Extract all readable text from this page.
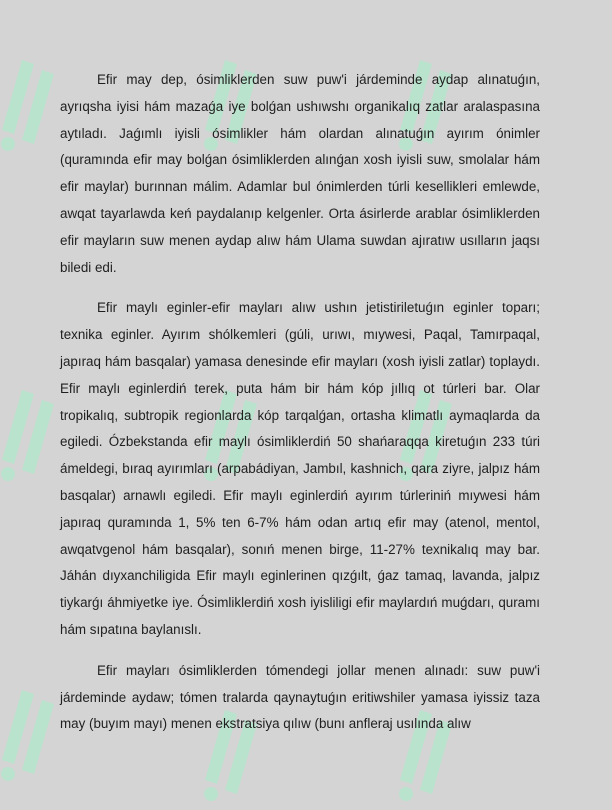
Efir may dep, ósimliklerden suw puw'i járdeminde aydap alınatuǵın, ayrıqsha iyisi hám mazaǵa iye bolǵan ushıwshı organikalıq zatlar aralaspasına aytıladı. Jaǵımlı iyisli ósimlikler hám olardan alınatuǵın ayırım ónimler (quramında efir may bolǵan ósimliklerden alınǵan xosh iyisli suw, smolalar hám efir maylar) burınnan málim. Adamlar bul ónimlerden túrli kesellikleri emlewde, awqat tayarlawda keń paydalanıp kelgenler. Orta ásirlerde arablar ósimliklerden efir mayların suw menen aydap alıw hám Ulama suwdan ajıratıw usılların jaqsı biledi edi.

Efir maylı eginler-efir mayları alıw ushın jetistiriletuǵın eginler toparı; texnika eginler. Ayırım shólkemleri (gúli, urıwı, mıywesi, Paqal, Tamırpaqal, japıraq hám basqalar) yamasa denesinde efir mayları (xosh iyisli zatlar) toplaydı. Efir maylı eginlerdiń terek, puta hám bir hám kóp jıllıq ot túrleri bar. Olar tropikalıq, subtropik regionlarda kóp tarqalǵan, ortasha klimatlı aymaqlarda da egiledi. Ózbekstanda efir maylı ósimliklerdiń 50 shańaraqqa kiretuǵın 233 túri ámeldegi, bıraq ayırımları (arpabádiyan, Jambıl, kashnich, qara ziyre, jalpız hám basqalar) arnawlı egiledi. Efir maylı eginlerdiń ayırım túrleriniń mıywesi hám japıraq quramında 1, 5% ten 6-7% hám odan artıq efir may (atenol, mentol, awqatvgenol hám basqalar), sonıń menen birge, 11-27% texnikalıq may bar. Jáhán dıyxanchiligida Efir maylı eginlerinen qızǵılt, ǵaz tamaq, lavanda, jalpız tiykarǵı áhmiyetke iye. Ósimliklerdiń xosh iyisliligi efir maylardıń muǵdarı, quramı hám sıpatına baylanıslı.

Efir mayları ósimliklerden tómendegi jollar menen alınadı: suw puw'i járdeminde aydaw; tómen tralarda qaynaytuǵın eritiwshiler yamasa iyissiz taza may (buyım mayı) menen ekstratsiya qılıw (bunı anfleraj usılında alıw
